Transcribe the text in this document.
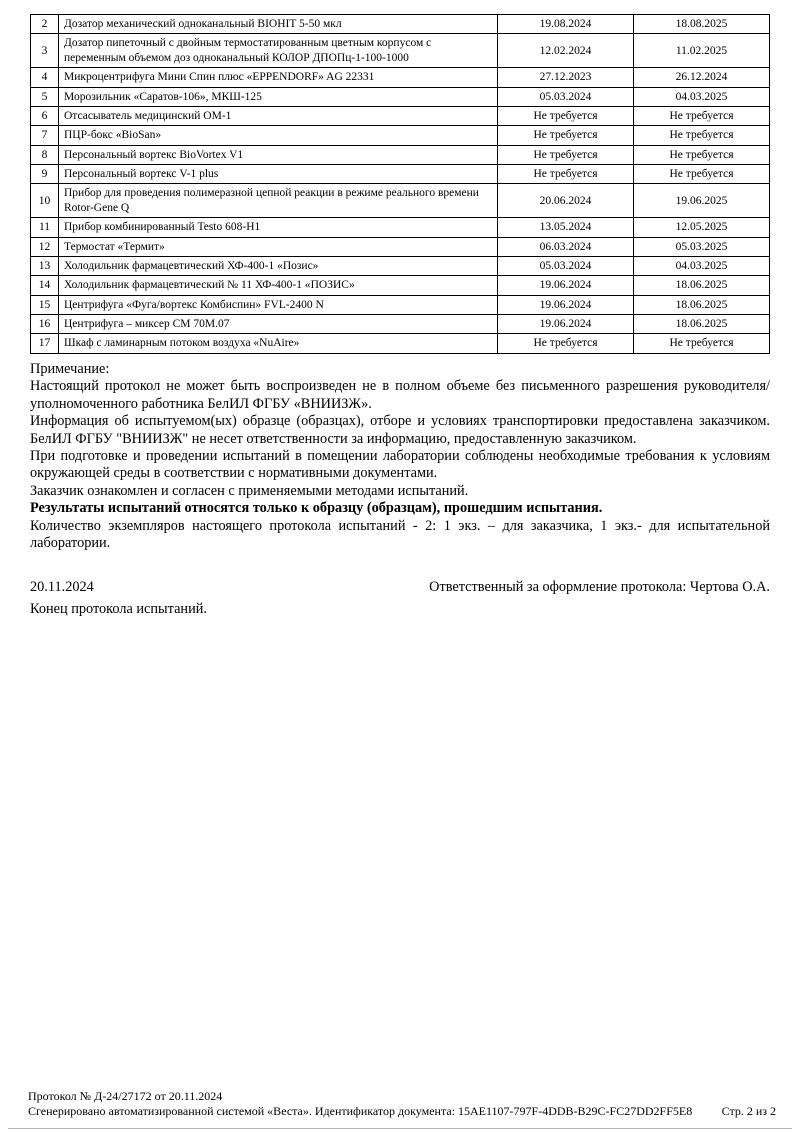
2	Дозатор механический одноканальный BIOHIT 5-50 мкл	19.08.2024	18.08.2025
3	Дозатор пипеточный с двойным термостатированным цветным корпусом с переменным объемом доз одноканальный КОЛОР ДПОПц-1-100-1000	12.02.2024	11.02.2025
4	Микроцентрифуга Мини Спин плюс «EPPENDORF» AG 22331	27.12.2023	26.12.2024
5	Морозильник «Саратов-106», МКШ-125	05.03.2024	04.03.2025
6	Отсасыватель медицинский ОМ-1	Не требуется	Не требуется
7	ПЦР-бокс «BioSan»	Не требуется	Не требуется
8	Персональный вортекс BioVortex V1	Не требуется	Не требуется
9	Персональный вортекс V-1 plus	Не требуется	Не требуется
10	Прибор для проведения полимеразной цепной реакции в режиме реального времени Rotor-Gene Q	20.06.2024	19.06.2025
11	Прибор комбинированный Testo 608-H1	13.05.2024	12.05.2025
12	Термостат «Термит»	06.03.2024	05.03.2025
13	Холодильник фармацевтический ХФ-400-1 «Позис»	05.03.2024	04.03.2025
14	Холодильник фармацевтический № 11 ХФ-400-1 «ПОЗИС»	19.06.2024	18.06.2025
15	Центрифуга «Фуга/вортекс Комбиспин» FVL-2400 N	19.06.2024	18.06.2025
16	Центрифуга – миксер СМ 70М.07	19.06.2024	18.06.2025
17	Шкаф с ламинарным потоком воздуха «NuAire»	Не требуется	Не требуется

Примечание:

Настоящий протокол не может быть воспроизведен не в полном объеме без письменного разрешения руководителя/уполномоченного работника БелИЛ ФГБУ «ВНИИЗЖ».

Информация об испытуемом(ых) образце (образцах), отборе и условиях транспортировки предоставлена заказчиком. БелИЛ ФГБУ "ВНИИЗЖ" не несет ответственности за информацию, предоставленную заказчиком.

При подготовке и проведении испытаний в помещении лаборатории соблюдены необходимые требования к условиям окружающей среды в соответствии с нормативными документами.

Заказчик ознакомлен и согласен с применяемыми методами испытаний.

Результаты испытаний относятся только к образцу (образцам), прошедшим испытания.

Количество экземпляров настоящего протокола испытаний - 2: 1 экз. – для заказчика, 1 экз.- для испытательной лаборатории.

20.11.2024	Ответственный за оформление протокола: Чертова О.А.

Конец протокола испытаний.

Протокол № Д-24/27172 от 20.11.2024
Сгенерировано автоматизированной системой «Веста». Идентификатор документа: 15AE1107-797F-4DDB-B29C-FC27DD2FF5E8 Стр. 2 из 2
